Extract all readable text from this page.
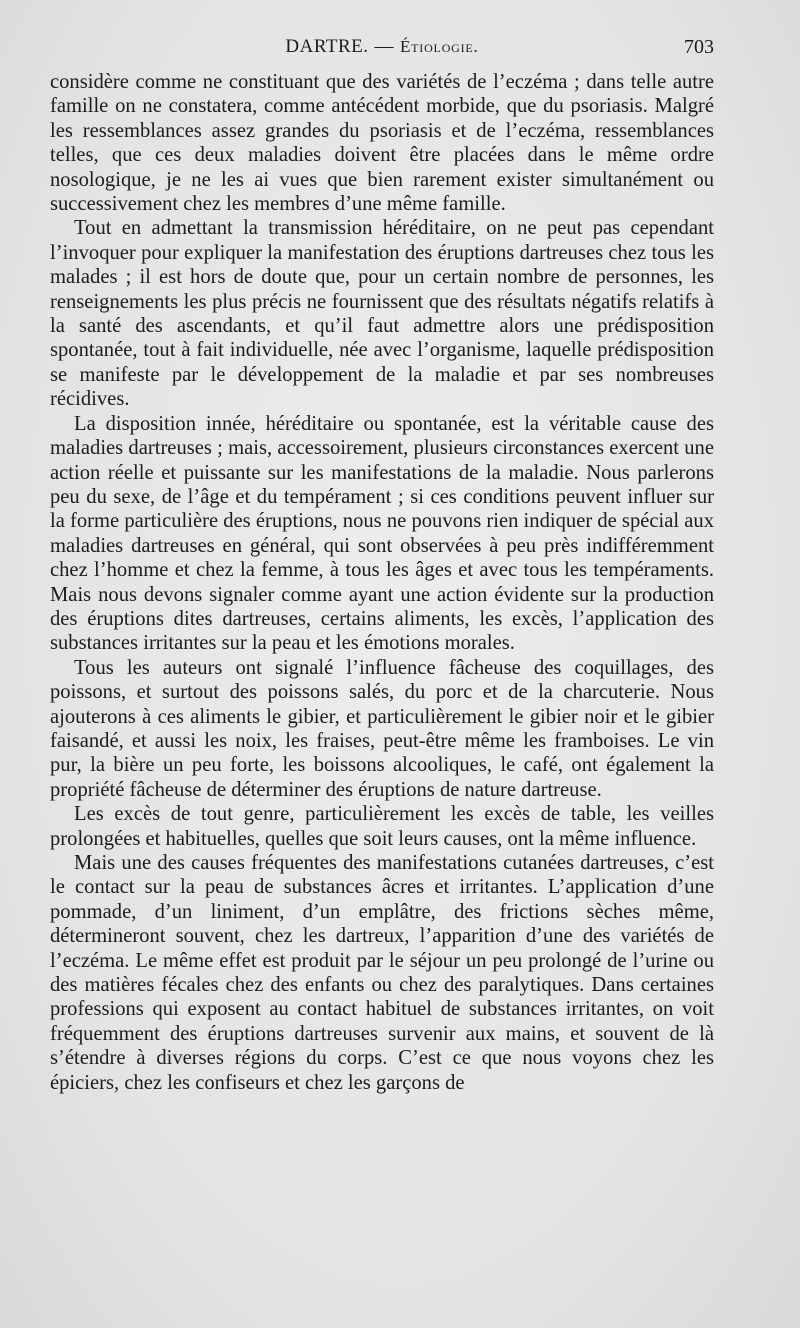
DARTRE. — Étiologie.	703

considère comme ne constituant que des variétés de l’eczéma ; dans telle autre famille on ne constatera, comme antécédent morbide, que du psoriasis. Malgré les ressemblances assez grandes du psoriasis et de l’eczéma, ressemblances telles, que ces deux maladies doivent être placées dans le même ordre nosologique, je ne les ai vues que bien rarement exister simultanément ou successivement chez les membres d’une même famille.

Tout en admettant la transmission héréditaire, on ne peut pas cependant l’invoquer pour expliquer la manifestation des éruptions dartreuses chez tous les malades ; il est hors de doute que, pour un certain nombre de personnes, les renseignements les plus précis ne fournissent que des résultats négatifs relatifs à la santé des ascendants, et qu’il faut admettre alors une prédisposition spontanée, tout à fait individuelle, née avec l’organisme, laquelle prédisposition se manifeste par le développement de la maladie et par ses nombreuses récidives.

La disposition innée, héréditaire ou spontanée, est la véritable cause des maladies dartreuses ; mais, accessoirement, plusieurs circonstances exercent une action réelle et puissante sur les manifestations de la maladie. Nous parlerons peu du sexe, de l’âge et du tempérament ; si ces conditions peuvent influer sur la forme particulière des éruptions, nous ne pouvons rien indiquer de spécial aux maladies dartreuses en général, qui sont observées à peu près indifféremment chez l’homme et chez la femme, à tous les âges et avec tous les tempéraments. Mais nous devons signaler comme ayant une action évidente sur la production des éruptions dites dartreuses, certains aliments, les excès, l’application des substances irritantes sur la peau et les émotions morales.

Tous les auteurs ont signalé l’influence fâcheuse des coquillages, des poissons, et surtout des poissons salés, du porc et de la charcuterie. Nous ajouterons à ces aliments le gibier, et particulièrement le gibier noir et le gibier faisandé, et aussi les noix, les fraises, peut-être même les framboises. Le vin pur, la bière un peu forte, les boissons alcooliques, le café, ont également la propriété fâcheuse de déterminer des éruptions de nature dartreuse.

Les excès de tout genre, particulièrement les excès de table, les veilles prolongées et habituelles, quelles que soit leurs causes, ont la même influence.

Mais une des causes fréquentes des manifestations cutanées dartreuses, c’est le contact sur la peau de substances âcres et irritantes. L’application d’une pommade, d’un liniment, d’un emplâtre, des frictions sèches même, détermineront souvent, chez les dartreux, l’apparition d’une des variétés de l’eczéma. Le même effet est produit par le séjour un peu prolongé de l’urine ou des matières fécales chez des enfants ou chez des paralytiques. Dans certaines professions qui exposent au contact habituel de substances irritantes, on voit fréquemment des éruptions dartreuses survenir aux mains, et souvent de là s’étendre à diverses régions du corps. C’est ce que nous voyons chez les épiciers, chez les confiseurs et chez les garçons de
